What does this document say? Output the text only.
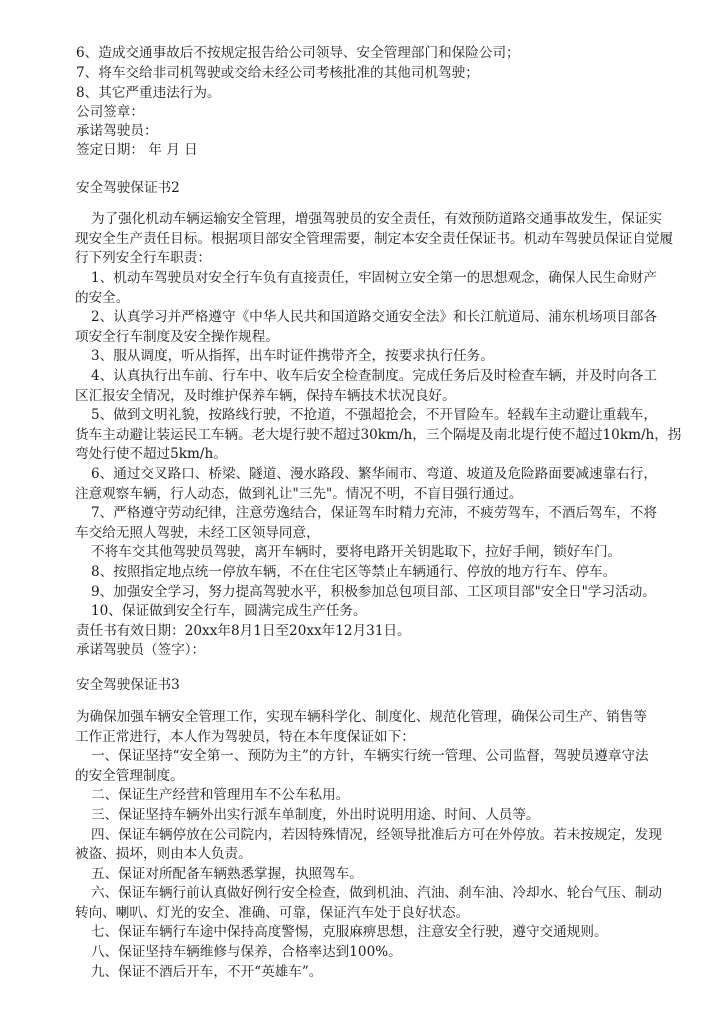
6、造成交通事故后不按规定报告给公司领导、安全管理部门和保险公司；
7、将车交给非司机驾驶或交给未经公司考核批准的其他司机驾驶；
8、其它严重违法行为。
公司签章：
承诺驾驶员：
签定日期： 年 月 日
安全驾驶保证书2
为了强化机动车辆运输安全管理，增强驾驶员的安全责任，有效预防道路交通事故发生，保证实
现安全生产责任目标。根据项目部安全管理需要，制定本安全责任保证书。机动车驾驶员保证自觉履
行下列安全行车职责：
1、机动车驾驶员对安全行车负有直接责任，牢固树立安全第一的思想观念，确保人民生命财产
的安全。
2、认真学习并严格遵守《中华人民共和国道路交通安全法》和长江航道局、浦东机场项目部各
项安全行车制度及安全操作规程。
3、服从调度，听从指挥，出车时证件携带齐全，按要求执行任务。
4、认真执行出车前、行车中、收车后安全检查制度。完成任务后及时检查车辆，并及时向各工
区汇报安全情况，及时维护保养车辆，保持车辆技术状况良好。
5、做到文明礼貌，按路线行驶，不抢道，不强超抢会，不开冒险车。轻载车主动避让重载车，
货车主动避让装运民工车辆。老大堤行驶不超过30km/h，三个隔堤及南北堤行使不超过10km/h，拐
弯处行使不超过5km/h。
6、通过交叉路口、桥梁、隧道、漫水路段、繁华闹市、弯道、坡道及危险路面要减速靠右行，
注意观察车辆，行人动态，做到礼让"三先"。情况不明，不盲目强行通过。
7、严格遵守劳动纪律，注意劳逸结合，保证驾车时精力充沛，不疲劳驾车，不酒后驾车，不将
车交给无照人驾驶，未经工区领导同意，
不将车交其他驾驶员驾驶，离开车辆时，要将电路开关钥匙取下，拉好手闸，锁好车门。
8、按照指定地点统一停放车辆，不在住宅区等禁止车辆通行、停放的地方行车、停车。
9、加强安全学习，努力提高驾驶水平，积极参加总包项目部、工区项目部"安全日"学习活动。
10、保证做到安全行车，圆满完成生产任务。
责任书有效日期：20xx年8月1日至20xx年12月31日。
承诺驾驶员（签字）：
安全驾驶保证书3
为确保加强车辆安全管理工作，实现车辆科学化、制度化、规范化管理，确保公司生产、销售等
工作正常进行，本人作为驾驶员，特在本年度保证如下：
一、保证坚持“安全第一、预防为主”的方针，车辆实行统一管理、公司监督，驾驶员遵章守法
的安全管理制度。
二、保证生产经营和管理用车不公车私用。
三、保证坚持车辆外出实行派车单制度，外出时说明用途、时间、人员等。
四、保证车辆停放在公司院内，若因特殊情况，经领导批准后方可在外停放。若未按规定，发现
被盗、损坏，则由本人负责。
五、保证对所配备车辆熟悉掌握，执照驾车。
六、保证车辆行前认真做好例行安全检查，做到机油、汽油、刹车油、冷却水、轮台气压、制动
转向、喇叭、灯光的安全、准确、可靠，保证汽车处于良好状态。
七、保证车辆行车途中保持高度警惕，克服麻痹思想，注意安全行驶，遵守交通规则。
八、保证坚持车辆维修与保养，合格率达到100%。
九、保证不酒后开车，不开“英雄车”。
